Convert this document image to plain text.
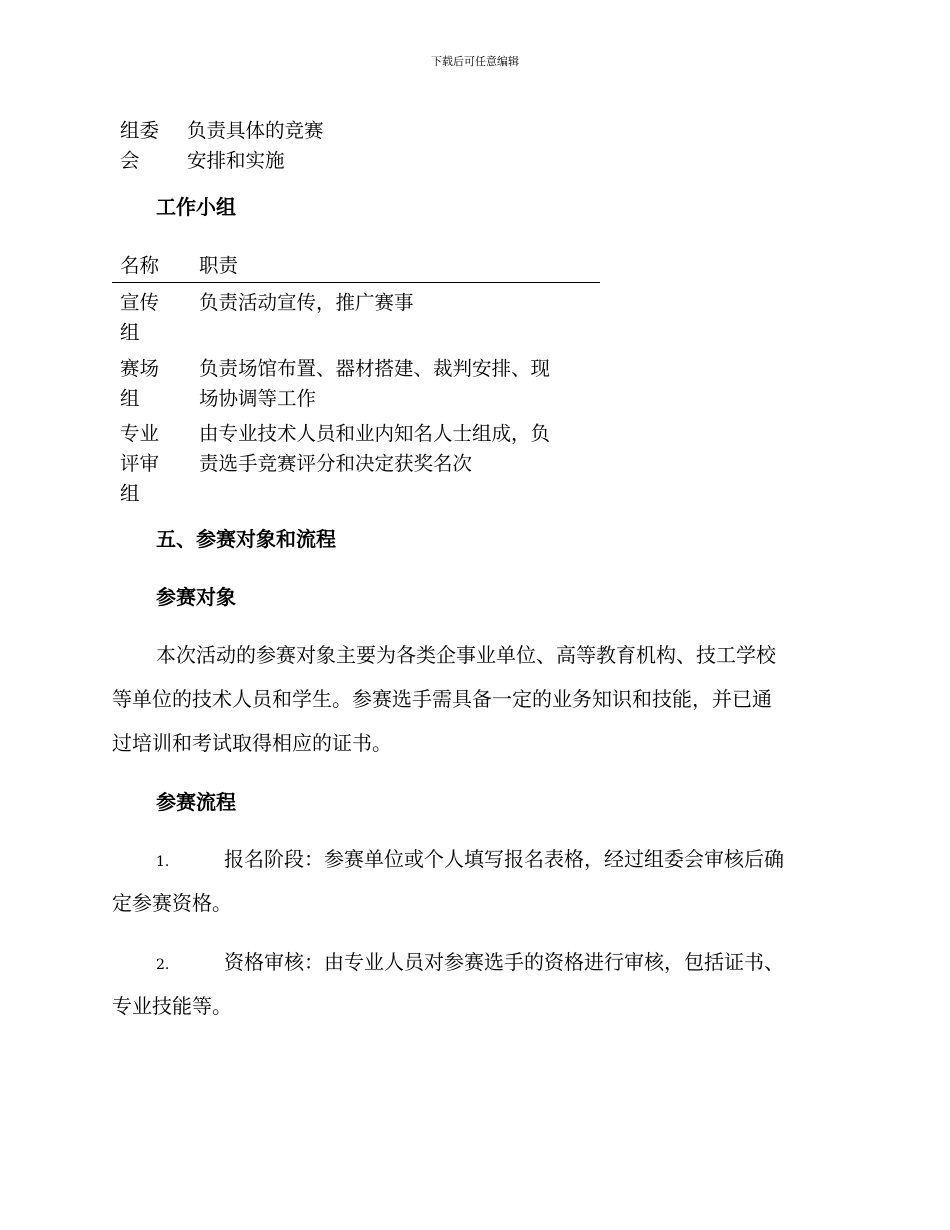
下载后可任意编辑
组委
会
负责具体的竞赛
安排和实施
工作小组
名称 职责
宣传
组
负责活动宣传，推广赛事
赛场
组
负责场馆布置、器材搭建、裁判安排、现
场协调等工作
专业
评审
组
由专业技术人员和业内知名人士组成，负
责选手竞赛评分和决定获奖名次
五、参赛对象和流程
参赛对象
本次活动的参赛对象主要为各类企事业单位、高等教育机构、技工学校
等单位的技术人员和学生。参赛选手需具备一定的业务知识和技能，并已通
过培训和考试取得相应的证书。
参赛流程
1.	报名阶段：参赛单位或个人填写报名表格，经过组委会审核后确
定参赛资格。
2.	资格审核：由专业人员对参赛选手的资格进行审核，包括证书、
专业技能等。
